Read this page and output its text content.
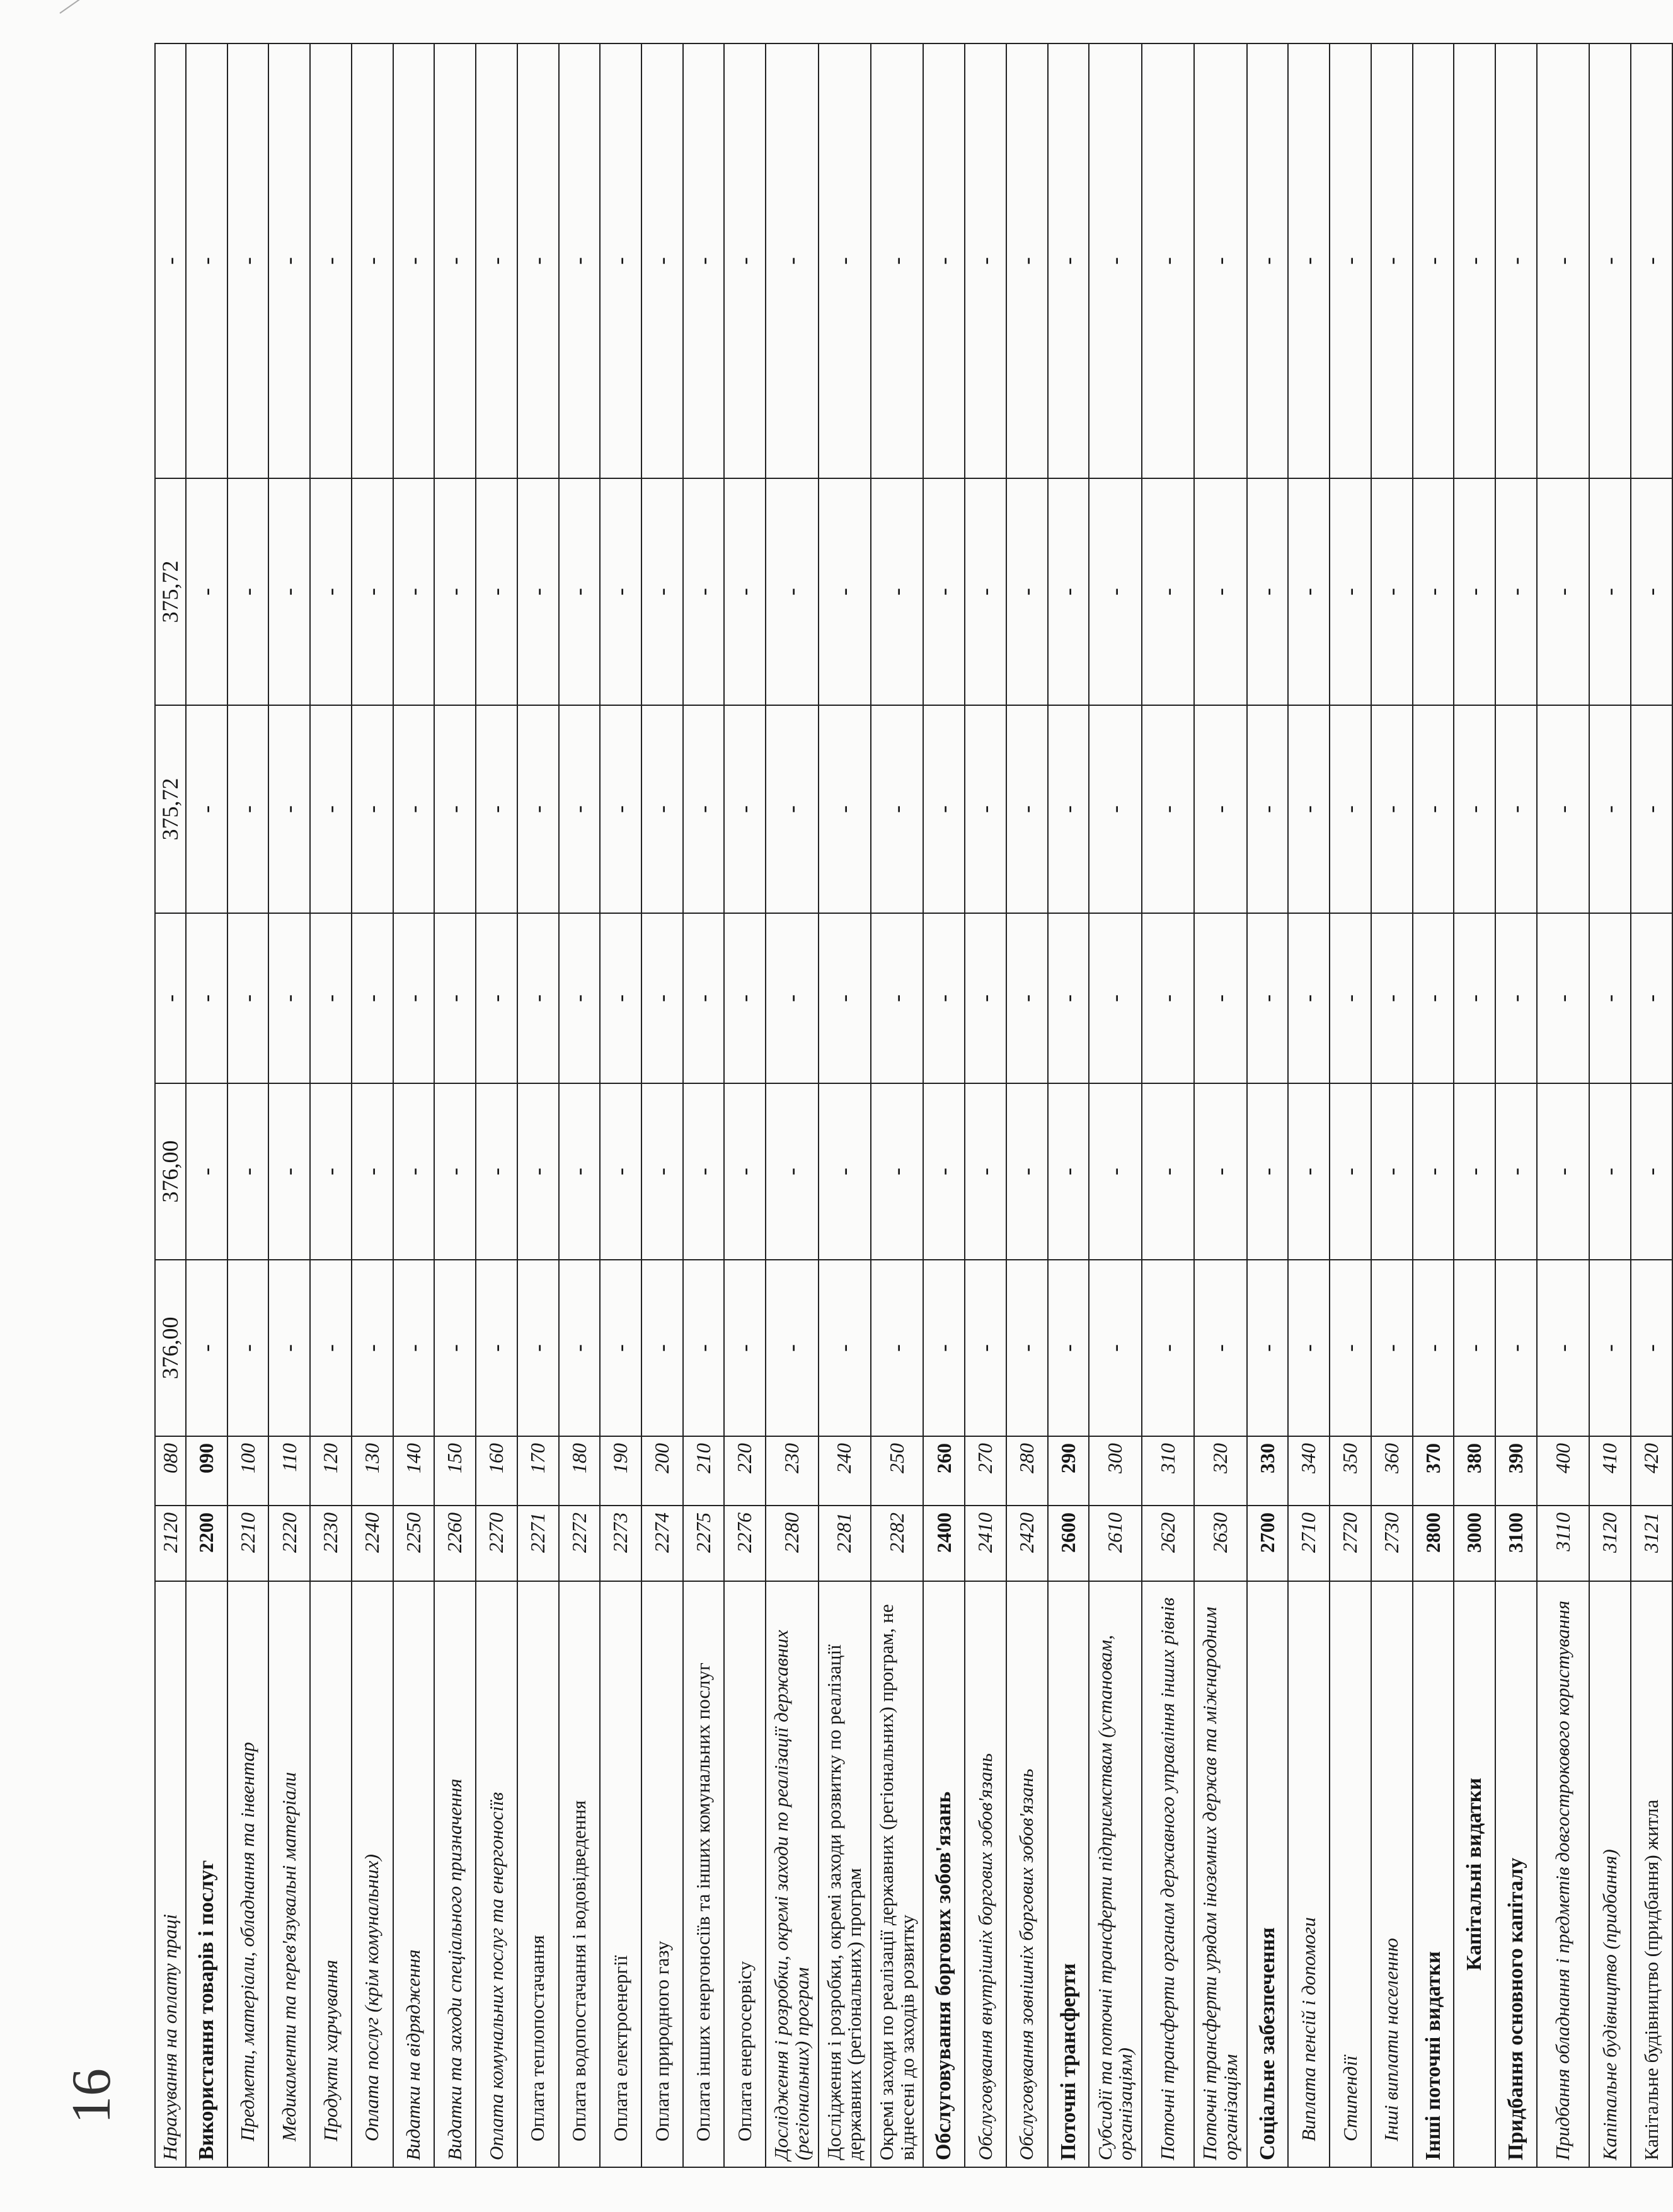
16	Нарахування на оплату праці	2120	080	376,00	376,00	-	375,72	375,72	-
Використання товарів і послуг	2200	090	-	-	-	-	-	-
Предмети, матеріали, обладнання та інвентар	2210	100	-	-	-	-	-	-
Медикаменти та перев'язувальні матеріали	2220	110	-	-	-	-	-	-
Продукти харчування	2230	120	-	-	-	-	-	-
Оплата послуг (крім комунальних)	2240	130	-	-	-	-	-	-
Видатки на відрядження	2250	140	-	-	-	-	-	-
Видатки та заходи спеціального призначення	2260	150	-	-	-	-	-	-
Оплата комунальних послуг та енергоносіїв	2270	160	-	-	-	-	-	-
Оплата теплопостачання	2271	170	-	-	-	-	-	-
Оплата водопостачання і водовідведення	2272	180	-	-	-	-	-	-
Оплата електроенергії	2273	190	-	-	-	-	-	-
Оплата природного газу	2274	200	-	-	-	-	-	-
Оплата інших енергоносіїв та інших комунальних послуг	2275	210	-	-	-	-	-	-
Оплата енергосервісу	2276	220	-	-	-	-	-	-
Дослідження і розробки, окремі заходи по реалізації державних (регіональних) програм	2280	230	-	-	-	-	-	-
Дослідження і розробки, окремі заходи розвитку по реалізації державних (регіональних) програм	2281	240	-	-	-	-	-	-
Окремі заходи по реалізації державних (регіональних) програм, не віднесені до заходів розвитку	2282	250	-	-	-	-	-	-
Обслуговування боргових зобов'язань	2400	260	-	-	-	-	-	-
Обслуговування внутрішніх боргових зобов'язань	2410	270	-	-	-	-	-	-
Обслуговування зовнішніх боргових зобов'язань	2420	280	-	-	-	-	-	-
Поточні трансферти	2600	290	-	-	-	-	-	-
Субсидії та поточні трансферти підприємствам (установам, організаціям)	2610	300	-	-	-	-	-	-
Поточні трансферти органам державного управління інших рівнів	2620	310	-	-	-	-	-	-
Поточні трансферти урядам іноземних держав та міжнародним організаціям	2630	320	-	-	-	-	-	-
Соціальне забезпечення	2700	330	-	-	-	-	-	-
Виплата пенсій і допомоги	2710	340	-	-	-	-	-	-
Стипендії	2720	350	-	-	-	-	-	-
Інші виплати населенню	2730	360	-	-	-	-	-	-
Інші поточні видатки	2800	370	-	-	-	-	-	-
Капітальні видатки	3000	380	-	-	-	-	-	-
Придбання основного капіталу	3100	390	-	-	-	-	-	-
Придбання обладнання і предметів довгострокового користування	3110	400	-	-	-	-	-	-
Капітальне будівництво (придбання)	3120	410	-	-	-	-	-	-
Капітальне будівництво (придбання) житла	3121	420	-	-	-	-	-	-
